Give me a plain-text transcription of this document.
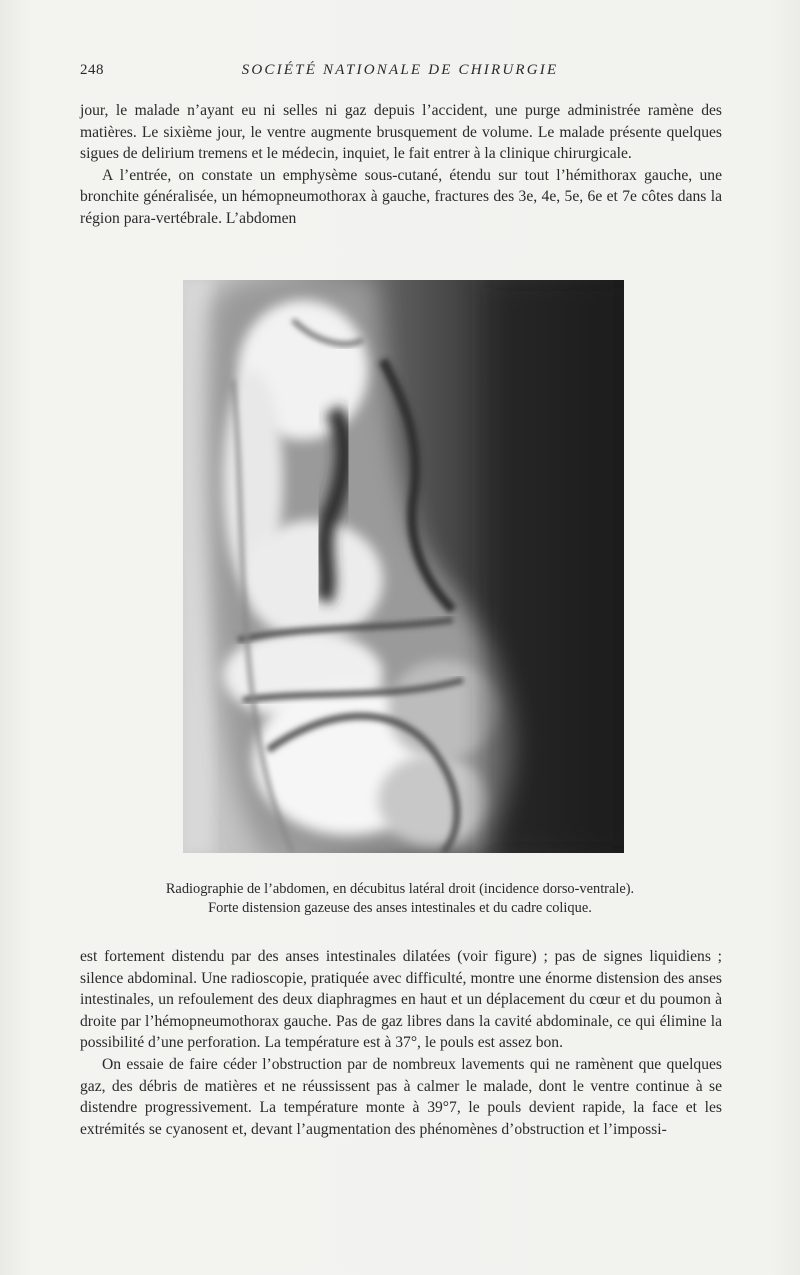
248	SOCIÉTÉ NATIONALE DE CHIRURGIE

jour, le malade n’ayant eu ni selles ni gaz depuis l’accident, une purge administrée ramène des matières. Le sixième jour, le ventre augmente brusquement de volume. Le malade présente quelques sigues de delirium tremens et le médecin, inquiet, le fait entrer à la clinique chirurgicale.

A l’entrée, on constate un emphysème sous-cutané, étendu sur tout l’hémithorax gauche, une bronchite généralisée, un hémopneumothorax à gauche, fractures des 3e, 4e, 5e, 6e et 7e côtes dans la région para-vertébrale. L’abdomen

Radiographie de l’abdomen, en décubitus latéral droit (incidence dorso-ventrale).
Forte distension gazeuse des anses intestinales et du cadre colique.

est fortement distendu par des anses intestinales dilatées (voir figure) ; pas de signes liquidiens ; silence abdominal. Une radioscopie, pratiquée avec difficulté, montre une énorme distension des anses intestinales, un refoulement des deux diaphragmes en haut et un déplacement du cœur et du poumon à droite par l’hémopneumothorax gauche. Pas de gaz libres dans la cavité abdominale, ce qui élimine la possibilité d’une perforation. La température est à 37°, le pouls est assez bon.

On essaie de faire céder l’obstruction par de nombreux lavements qui ne ramènent que quelques gaz, des débris de matières et ne réussissent pas à calmer le malade, dont le ventre continue à se distendre progressivement. La température monte à 39°7, le pouls devient rapide, la face et les extrémités se cyanosent et, devant l’augmentation des phénomènes d’obstruction et l’impossi-
